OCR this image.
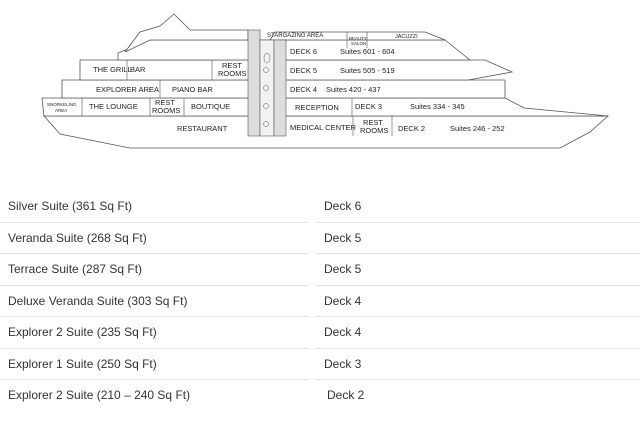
STARGAZING AREA	BEAUTY
SALON
JACUZZI
DECK 6	Suites 601 - 604
THE GRILL
BAR	REST
ROOMS	DECK 5	Suites 505 - 519
EXPLORER AREA PIANO BAR	DECK 4 Suites 420 - 437
SNORKELING
AREA	THE LOUNGE REST
ROOMS BOUTIQUE	RECEPTION DECK 3	Suites 334 - 345
RESTAURANT	MEDICAL CENTER
REST
ROOMS DECK 2	Suites 246 - 252
Silver Suite (361 Sq Ft)	Deck 6
Veranda Suite (268 Sq Ft)	Deck 5
Terrace Suite (287 Sq Ft)	Deck 5
Deluxe Veranda Suite (303 Sq Ft)	Deck 4
Explorer 2 Suite (235 Sq Ft)	Deck 4
Explorer 1 Suite (250 Sq Ft)	Deck 3
Explorer 2 Suite (210 – 240 Sq Ft)	Deck 2
